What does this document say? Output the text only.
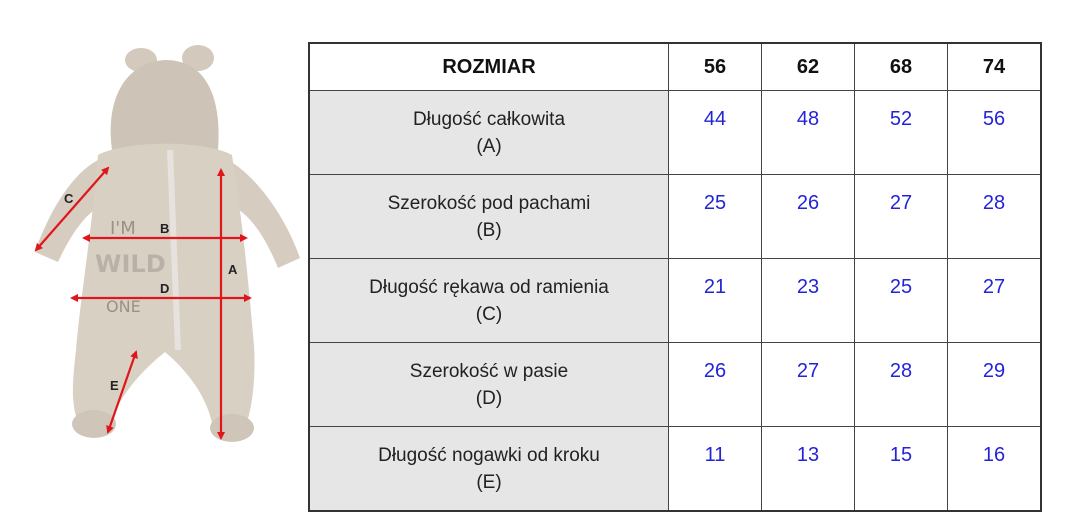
I'M
WILD
ONE
A
B
C
D
E
ROZMIAR	56	62	68	74

Długość całkowita
(A)	44	48	52	56

Szerokość pod pachami
(B)	25	26	27	28

Długość rękawa od ramienia
(C)	21	23	25	27

Szerokość w pasie
(D)	26	27	28	29

Długość nogawki od kroku
(E)	11	13	15	16
